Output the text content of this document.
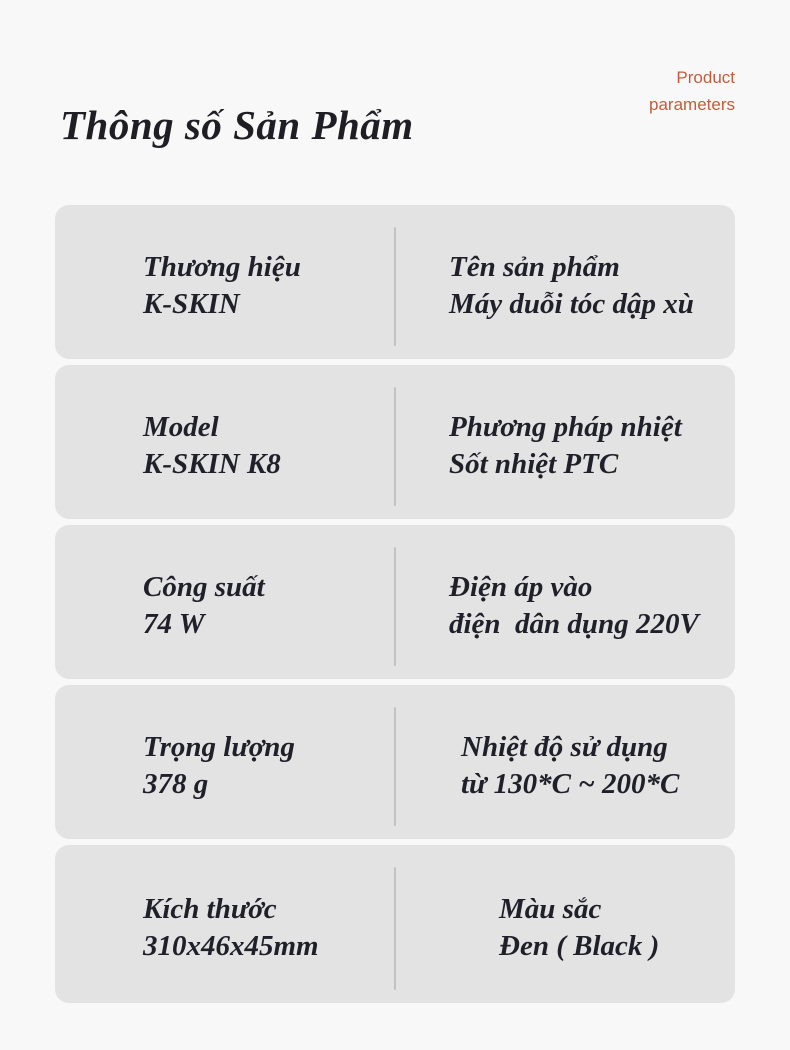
Thông số Sản Phẩm
Product
parameters
Thương hiệu
K-SKIN
Tên sản phẩm
Máy duỗi tóc dập xù
Model
K-SKIN K8
Phương pháp nhiệt
Sốt nhiệt PTC
Công suất
74 W
Điện áp vào
điện  dân dụng 220V
Trọng lượng
378 g
Nhiệt độ sử dụng
từ 130*C ~ 200*C
Kích thước
310x46x45mm
Màu sắc
Đen ( Black )
